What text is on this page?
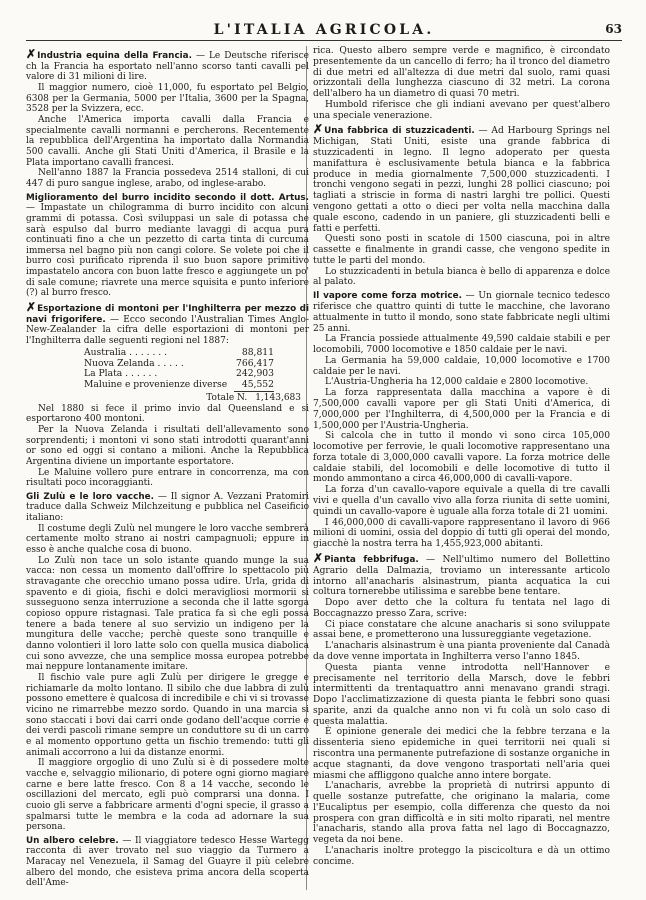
L'ITALIA AGRICOLA.	63

✗Industria equina della Francia. — Le Deutsche riferisce ch la Francia ha esportato nell'anno scorso tanti cavalli pel valore di 31 milioni di lire.

Il maggior numero, cioè 11,000, fu esportato pel Belgio, 6308 per la Germania, 5000 per l'Italia, 3600 per la Spagna, 3528 per la Svizzera, ecc.

Anche l'America importa cavalli dalla Francia e specialmente cavalli normanni e percherons. Recentemente la repubblica dell'Argentina ha importato dalla Normandia 500 cavalli. Anche gli Stati Uniti d'America, il Brasile e la Plata importano cavalli francesi.

Nell'anno 1887 la Francia possedeva 2514 stalloni, di cui 447 di puro sangue inglese, arabo, od inglese-arabo.

Miglioramento del burro incidito secondo il dott. Artus. — Impastate un chilogramma di burro incidito con alcuni grammi di potassa. Così sviluppasi un sale di potassa che sarà espulso dal burro mediante lavaggi di acqua pura continuati fino a che un pezzetto di carta tinta di curcuma immersa nel bagno più non cangi colore. Se volete poi che il burro così purificato riprenda il suo buon sapore primitivo impastatelo ancora con buon latte fresco e aggiungete un po' di sale comune; riavrete una merce squisita e punto inferiore (?) al burro fresco.

✗Esportazione di montoni per l'Inghilterra per mezzo di navi frigorifere. — Ecco secondo l'Australian Times Anglo-New-Zealander la cifra delle esportazioni di montoni per l'Inghilterra dalle seguenti regioni nel 1887:

Australia . . . . . . .	88,811
Nuova Zelanda . . . . .	766,417
La Plata . . . . . .	242,903
Maluine e provenienze diverse	45,552

Totale N. 1,143,683

Nel 1880 si fece il primo invio dal Queensland e si esportarono 400 montoni.

Per la Nuova Zelanda i risultati dell'allevamento sono sorprendenti; i montoni vi sono stati introdotti quarant'anni or sono ed oggi si contano a milioni. Anche la Repubblica Argentina diviene un importante esportatore.

Le Maluine vollero pure entrare in concorrenza, ma con risultati poco incoraggianti.

Gli Zulù e le loro vacche. — Il signor A. Vezzani Pratomiri traduce dalla Schweiz Milchzeitung e pubblica nel Caseificio italiano:

Il costume degli Zulù nel mungere le loro vacche sembrerà certamente molto strano ai nostri campagnuoli; eppure in esso è anche qualche cosa di buono.

Lo Zulù non tace un solo istante quando munge la sua vacca: non cessa un momento dall'offrire lo spettacolo più stravagante che orecchio umano possa udire. Urla, grida di spavento e di gioia, fischi e dolci meravigliosi mormorii si susseguono senza interruzione a seconda che il latte sgorga copioso oppure ristagnasi. Tale pratica fa sì che egli possa tenere a bada tenere al suo servizio un indigeno per la mungitura delle vacche; perchè queste sono tranquille e danno volontieri il loro latte solo con quella musica diabolica cui sono avvezze, che una semplice mossa europea potrebbe mai neppure lontanamente imitare.

Il fischio vale pure agli Zulù per dirigere le gregge e richiamarle da molto lontano. Il sibilo che due labbra di zulù possono emettere è qualcosa di incredibile e chi vi si trovasse vicino ne rimarrebbe mezzo sordo. Quando in una marcia si sono staccati i bovi dai carri onde godano dell'acque corrie e dei verdi pascoli rimane sempre un conduttore su di un carro e al momento opportuno getta un fischio tremendo: tutti gli animali accorrono a lui da distanze enormi.

Il maggiore orgoglio di uno Zulù si è di possedere molte vacche e, selvaggio milionario, di potere ogni giorno magiare carne e bere latte fresco. Con 8 a 14 vacche, secondo le oscillazioni del mercato, egli può comprarsi una donna. I cuoio gli serve a fabbricare armenti d'ogni specie, il grasso a spalmarsi tutte le membra e la coda ad adornare la sua persona.

Un albero celebre. — Il viaggiatore tedesco Hesse Wartegg racconta di aver trovato nel suo viaggio da Turmero a Maracay nel Venezuela, il Samag del Guayre il più celebre albero del mondo, che esisteva prima ancora della scoperta dell'Ame-

rica. Questo albero sempre verde e magnifico, è circondato presentemente da un cancello di ferro; ha il tronco del diametro di due metri ed all'altezza di due metri dal suolo, rami quasi orizzontali della lunghezza ciascuno di 32 metri. La corona dell'albero ha un diametro di quasi 70 metri.

Humbold riferisce che gli indiani avevano per quest'albero una speciale venerazione.

✗Una fabbrica di stuzzicadenti. — Ad Harbourg Springs nel Michigan, Stati Uniti, esiste una grande fabbrica di stuzzicadenti in legno. Il legno adoperato per questa manifattura è esclusivamente betula bianca e la fabbrica produce in media giornalmente 7,500,000 stuzzicadenti. I tronchi vengono segati in pezzi, lunghi 28 pollici ciascuno; poi tagliati a striscie in forma di nastri larghi tre pollici. Questi vengono gettati a otto o dieci per volta nella macchina dalla quale escono, cadendo in un paniere, gli stuzzicadenti belli e fatti e perfetti.

Questi sono posti in scatole di 1500 ciascuna, poi in altre cassette e finalmente in grandi casse, che vengono spedite in tutte le parti del mondo.

Lo stuzzicadenti in betula bianca è bello di apparenza e dolce al palato.

Il vapore come forza motrice. — Un giornale tecnico tedesco riferisce che quattro quinti di tutte le macchine, che lavorano attualmente in tutto il mondo, sono state fabbricate negli ultimi 25 anni.

La Francia possiede attualmente 49,590 caldaie stabili e per locomobili, 7000 locomotive e 1850 caldaie per le navi.

La Germania ha 59,000 caldaie, 10,000 locomotive e 1700 caldaie per le navi.

L'Austria-Ungheria ha 12,000 caldaie e 2800 locomotive.

La forza rappresentata dalla macchina a vapore è di 7,500,000 cavalli vapore per gli Stati Uniti d'America, di 7,000,000 per l'Inghilterra, di 4,500,000 per la Francia e di 1,500,000 per l'Austria-Ungheria.

Si calcola che in tutto il mondo vi sono circa 105,000 locomotive per ferrovie, le quali locomotive rappresentano una forza totale di 3,000,000 cavalli vapore. La forza motrice delle caldaie stabili, del locomobili e delle locomotive di tutto il mondo ammontano a circa 46,000,000 di cavalli-vapore.

La forza d'un cavallo-vapore equivale a quella di tre cavalli vivi e quella d'un cavallo vivo alla forza riunita di sette uomini, quindi un cavallo-vapore è uguale alla forza totale di 21 uomini.

I 46,000,000 di cavalli-vapore rappresentano il lavoro di 966 milioni di uomini, ossia del doppio di tutti gli operai del mondo, giacchè la nostra terra ha 1,455,923,000 abitanti.

✗Pianta febbrifuga. — Nell'ultimo numero del Bollettino Agrario della Dalmazia, troviamo un interessante articolo intorno all'anacharis alsinastrum, pianta acquatica la cui coltura tornerebbe utilissima e sarebbe bene tentare.

Dopo aver detto che la coltura fu tentata nel lago di Boccagnazzo presso Zara, scrive:

Ci piace constatare che alcune anacharis si sono sviluppate assai bene, e prometterono una lussureggiante vegetazione.

L'anacharis alsinastrum è una pianta proveniente dal Canadà da dove venne importata in Inghilterra verso l'anno 1845.

Questa pianta venne introdotta nell'Hannover e precisamente nel territorio della Marsch, dove le febbri intermittenti da trentaquattro anni menavano grandi stragi. Dopo l'acclimatizzazione di questa pianta le febbri sono quasi sparite, anzi da qualche anno non vi fu colà un solo caso di questa malattia.

È opinione generale dei medici che la febbre terzana e la dissenteria sieno epidemiche in quei territorii nei quali si riscontra una permanente putrefazione di sostanze organiche in acque stagnanti, da dove vengono trasportati nell'aria quei miasmi che affliggono qualche anno intere borgate.

L'anacharis, avrebbe la proprietà di nutrirsi appunto di quelle sostanze putrefatte, che originano la malaria, come l'Eucaliptus per esempio, colla differenza che questo da noi prospera con gran difficoltà e in siti molto riparati, nel mentre l'anacharis, stando alla prova fatta nel lago di Boccagnazzo, vegeta da noi bene.

L'anacharis inoltre proteggo la piscicoltura e dà un ottimo concime.
